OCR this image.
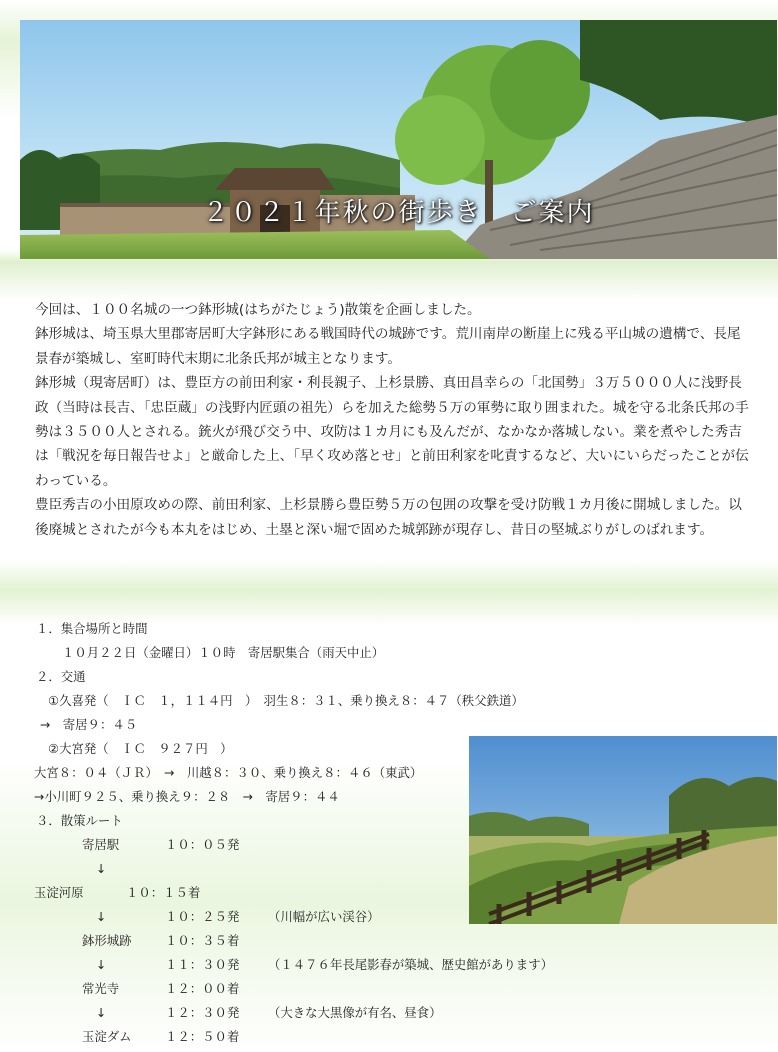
２０２１年秋の街歩き　ご案内

今回は、１００名城の一つ鉢形城(はちがたじょう)散策を企画しました。

鉢形城は、埼玉県大里郡寄居町大字鉢形にある戦国時代の城跡です。荒川南岸の断崖上に残る平山城の遺構で、長尾景春が築城し、室町時代末期に北条氏邦が城主となります。

鉢形城（現寄居町）は、豊臣方の前田利家・利長親子、上杉景勝、真田昌幸らの「北国勢」３万５０００人に浅野長政（当時は長吉、「忠臣蔵」の浅野内匠頭の祖先）らを加えた総勢５万の軍勢に取り囲まれた。城を守る北条氏邦の手勢は３５００人とされる。銃火が飛び交う中、攻防は１カ月にも及んだが、なかなか落城しない。業を煮やした秀吉は「戦況を毎日報告せよ」と厳命した上、「早く攻め落とせ」と前田利家を叱責するなど、大いにいらだったことが伝わっている。

豊臣秀吉の小田原攻めの際、前田利家、上杉景勝ら豊臣勢５万の包囲の攻撃を受け防戦１カ月後に開城しました。以後廃城とされたが今も本丸をはじめ、土塁と深い堀で固めた城郭跡が現存し、昔日の堅城ぶりがしのばれます。

１．集合場所と時間
１０月２２日（金曜日）１０時　寄居駅集合（雨天中止）
２．交通
①久喜発（　ＩＣ　１，１１４円　）　羽生８：３１、乗り換え８：４７（秩父鉄道）
→　寄居９：４５
②大宮発（　ＩＣ　９２７円　）
大宮８：０４（ＪＲ）　→　川越８：３０、乗り換え８：４６（東武）
→小川町９２５、乗り換え９：２８　→　寄居９：４４
３．散策ルート
寄居駅	１０：０５発
↓
玉淀河原	１０：１５着
↓	１０：２５発 （川幅が広い渓谷）
鉢形城跡	１０：３５着
↓	１１：３０発 （１４７６年長尾影春が築城、歴史館があります）
常光寺	１２：００着
↓	１２：３０発 （大きな大黒像が有名、昼食）
玉淀ダム	１２：５０着
